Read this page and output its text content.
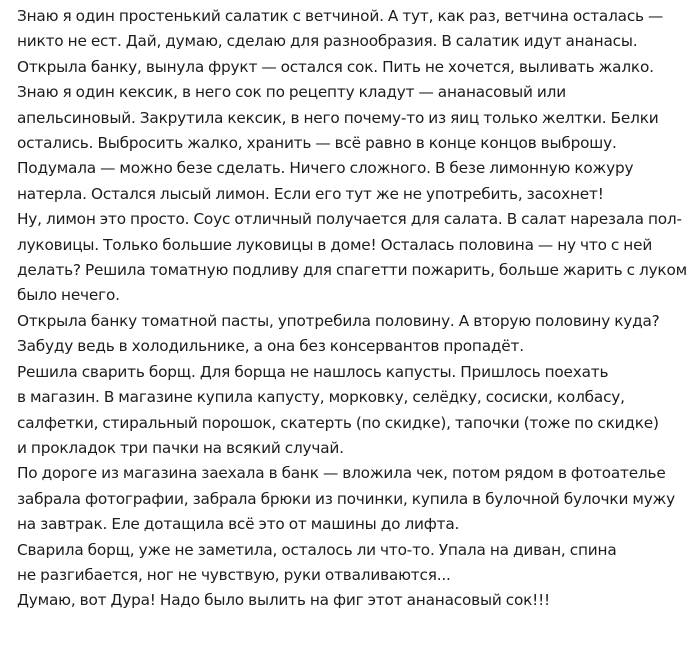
Знаю я один простенький салатик с ветчиной. А тут, как раз, ветчина осталась —
никто не ест. Дай, думаю, сделаю для разнообразия. В салатик идут ананасы.
Открыла банку, вынула фрукт — остался сок. Пить не хочется, выливать жалко.
Знаю я один кексик, в него сок по рецепту кладут — ананасовый или
апельсиновый. Закрутила кексик, в него почему-то из яиц только желтки. Белки
остались. Выбросить жалко, хранить — всё равно в конце концов выброшу.
Подумала — можно безе сделать. Ничего сложного. В безе лимонную кожуру
натерла. Остался лысый лимон. Если его тут же не употребить, засохнет!
Ну, лимон это просто. Соус отличный получается для салата. В салат нарезала пол-
луковицы. Только большие луковицы в доме! Осталась половина — ну что с ней
делать? Решила томатную подливу для спагетти пожарить, больше жарить с луком
было нечего.
Открыла банку томатной пасты, употребила половину. А вторую половину куда?
Забуду ведь в холодильнике, а она без консервантов пропадёт.
Решила сварить борщ. Для борща не нашлось капусты. Пришлось поехать
в магазин. В магазине купила капусту, морковку, селёдку, сосиски, колбасу,
салфетки, стиральный порошок, скатерть (по скидке), тапочки (тоже по скидке)
и прокладок три пачки на всякий случай.
По дороге из магазина заехала в банк — вложила чек, потом рядом в фотоателье
забрала фотографии, забрала брюки из починки, купила в булочной булочки мужу
на завтрак. Еле дотащила всё это от машины до лифта.
Сварила борщ, уже не заметила, осталось ли что-то. Упала на диван, спина
не разгибается, ног не чувствую, руки отваливаются...
Думаю, вот Дура! Надо было вылить на фиг этот ананасовый сок!!!
